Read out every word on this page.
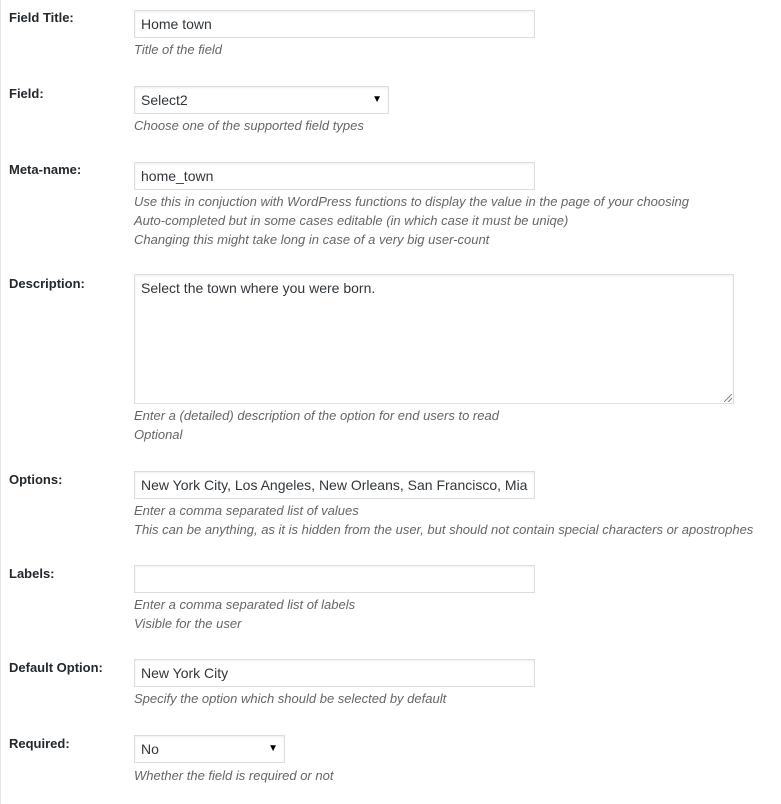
Field Title:	Home town
Title of the field
Field:	Select2	▼
Choose one of the supported field types
Meta-name:	home_town
Use this in conjuction with WordPress functions to display the value in the page of your choosing
Auto-completed but in some cases editable (in which case it must be uniqe)
Changing this might take long in case of a very big user-count
Description:	Select the town where you were born.
Enter a (detailed) description of the option for end users to read
Optional
Options:	New York City, Los Angeles, New Orleans, San Francisco, Mia
Enter a comma separated list of values
This can be anything, as it is hidden from the user, but should not contain special characters or apostrophes
Labels:
Enter a comma separated list of labels
Visible for the user
Default Option:	New York City
Specify the option which should be selected by default
Required:	No	▼
Whether the field is required or not
